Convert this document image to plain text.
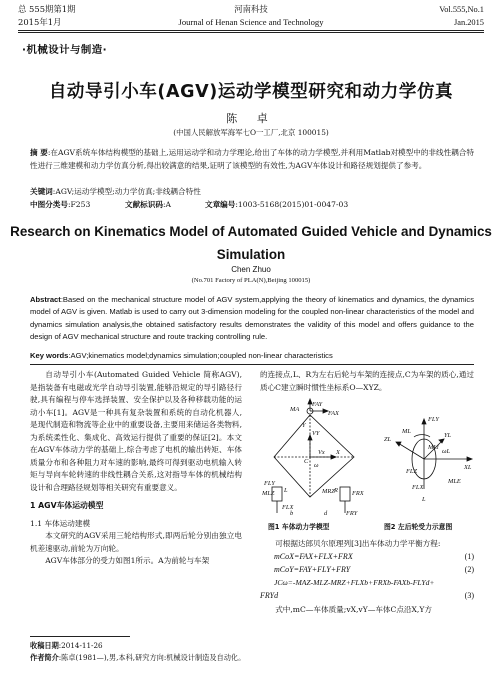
总 555期第1期
2015年1月
河南科技
Journal of Henan Science and Technology
Vol.555,No.1
Jan.2015
·机械设计与制造·
自动导引小车(AGV)运动学模型研究和动力学仿真
陈 卓
(中国人民解放军海军七O一工厂,北京 100015)
摘 要:在AGV系统车体结构模型的基础上,运用运动学和动力学理论,给出了车体的动力学模型,并利用Matlab对模型中的非线性耦合特性进行三维建模和动力学仿真分析,得出较满意的结果,证明了该模型的有效性,为AGV车体设计和路径规划提供了参考。
关键词:AGV;运动学模型;动力学仿真;非线耦合特性
中图分类号:F253	文献标识码:A	文章编号:1003-5168(2015)01-0047-03
Research on Kinematics Model of Automated Guided Vehicle and Dynamics
Simulation
Chen Zhuo
(No.701 Factory of PLA(N),Beijing 100015)
Abstract:Based on the mechanical structure model of AGV system,applying the theory of kinematics and dynamics, the dynamics model of AGV is given. Matlab is used to carry out 3-dimension modeling for the coupled non-linear characteristics of the model and dynamics simulation analysis,the obtained satisfactory results demonstrates the validity of this model and offers guidance to the design of AGV mechanical structure and route tracking controlling rule.
Key words:AGV;kinematics model;dynamics simulation;coupled non-linear characteristics
自动导引小车(Automated Guided Vehicle 简称AGV),是指装备有电磁或光学自动导引装置,能够沿规定的导引路径行驶,具有编程与停车选择装置、安全保护以及各种移载功能的运动小车[1]。AGV是一种具有复杂装置和系统的自动化机器人,是现代制造和物流等企业中的重要设备,主要用来储运各类物料,为系统柔性化、集成化、高效运行提供了重要的保证[2]。本文在AGV车体动力学的基础上,综合考虑了电机的输出转矩、车体质量分布和各种阻力对车速的影响,最终可得到驱动电机输入转矩与导向车轮转速的非线性耦合关系,这对指导车体的机械结构设计和合理路径规划等相关研究有重要意义。
1 AGV车体运动模型
1.1 车体运动建模
本文研究的AGV采用三轮结构形式,即两后轮分别由独立电机差速驱动,前轮为万向轮。
AGV车体部分的受力如图1所示。A为前轮与车架
的连接点,L、R为左右后轮与车架的连接点,C为车架的质心,通过质心C建立瞬时惯性坐标系O—XYZ。
FAY
MA
FAX
Y
VY
X
Vx
C
ω
FLY
MLZ
FLX
MRZ	FRX
FRY
L	R
b	d
FLY
ZL
ML
YL
ωL
MLl
FLZ
FLX
XL
MLE
L
图1 车体动力学模型	图2 左后轮受力示意图
可根据达郎贝尔原理列[3]出车体动力学平衡方程:
mCoX=FAX+FLX+FRX	(1)
mCoY=FAY+FLY+FRY	(2)
JCω=-MAZ-MLZ-MRZ+FLXb+FRXb-FAXb-FLYd+
FRYd	(3)
式中,mC—车体质量;vX,vY—车体C点沿X,Y方
收稿日期:2014-11-26
作者简介:陈卓(1981—),男,本科,研究方向:机械设计制造及自动化。
